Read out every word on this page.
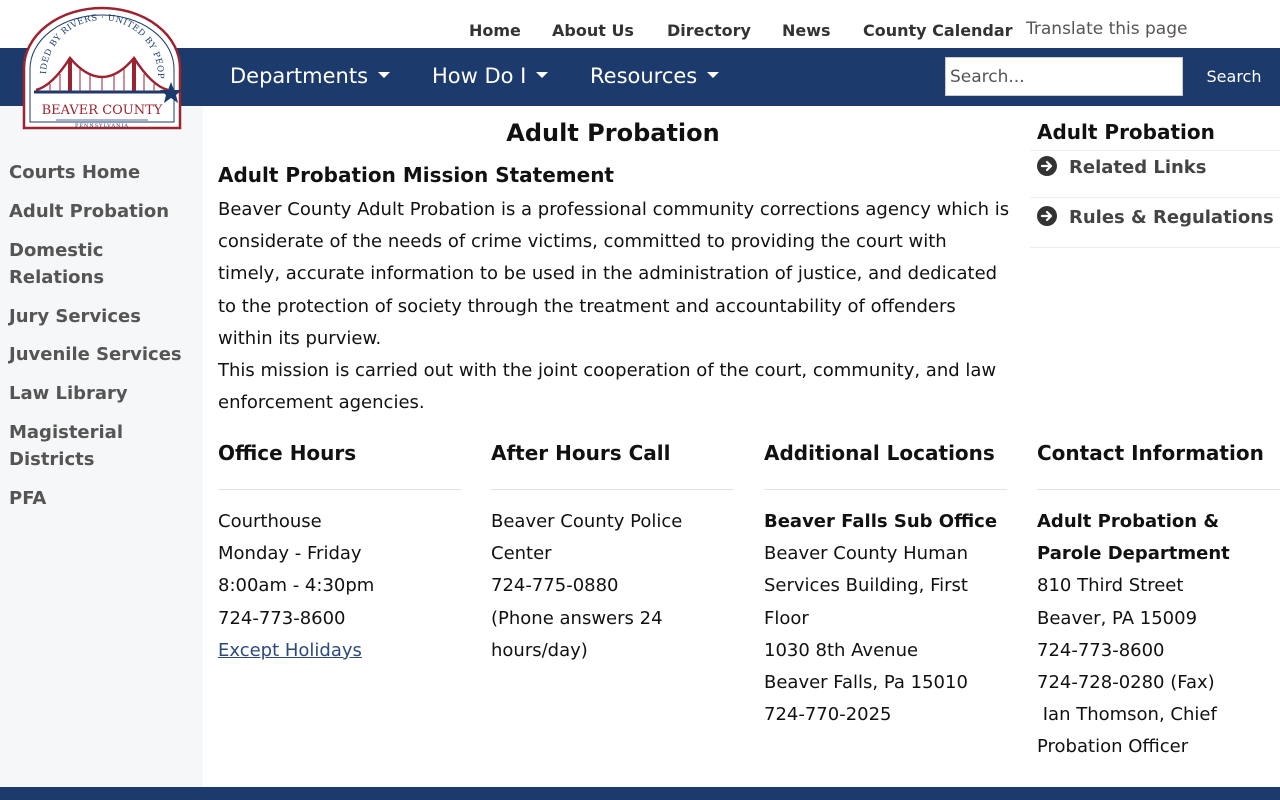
Home About Us Directory News County Calendar Translate this page
Departments	How Do I	Resources
Search...	Search
IDED BY RIVERS · UNITED BY PEOP
BEAVER COUNTY
PENNSYLVANIA
Courts Home
Adult Probation
Domestic Relations
Jury Services
Juvenile Services
Law Library
Magisterial Districts
PFA
Adult Probation
Adult Probation Mission Statement

Beaver County Adult Probation is a professional community corrections agency which is considerate of the needs of crime victims, committed to providing the court with timely, accurate information to be used in the administration of justice, and dedicated to the protection of society through the treatment and accountability of offenders within its purview.

This mission is carried out with the joint cooperation of the court, community, and law enforcement agencies.

Office Hours
Courthouse
Monday - Friday
8:00am - 4:30pm
724-773-8600
Except Holidays
After Hours Call
Beaver County Police Center
724-775-0880
(Phone answers 24 hours/day)
Additional Locations
Beaver Falls Sub Office
Beaver County Human Services Building, First Floor
1030 8th Avenue
Beaver Falls, Pa 15010
724-770-2025
Contact Information
Adult Probation & Parole Department
810 Third Street
Beaver, PA 15009
724-773-8600
724-728-0280 (Fax)
Ian Thomson, Chief Probation Officer
Adult Probation
Related Links
Rules & Regulations
